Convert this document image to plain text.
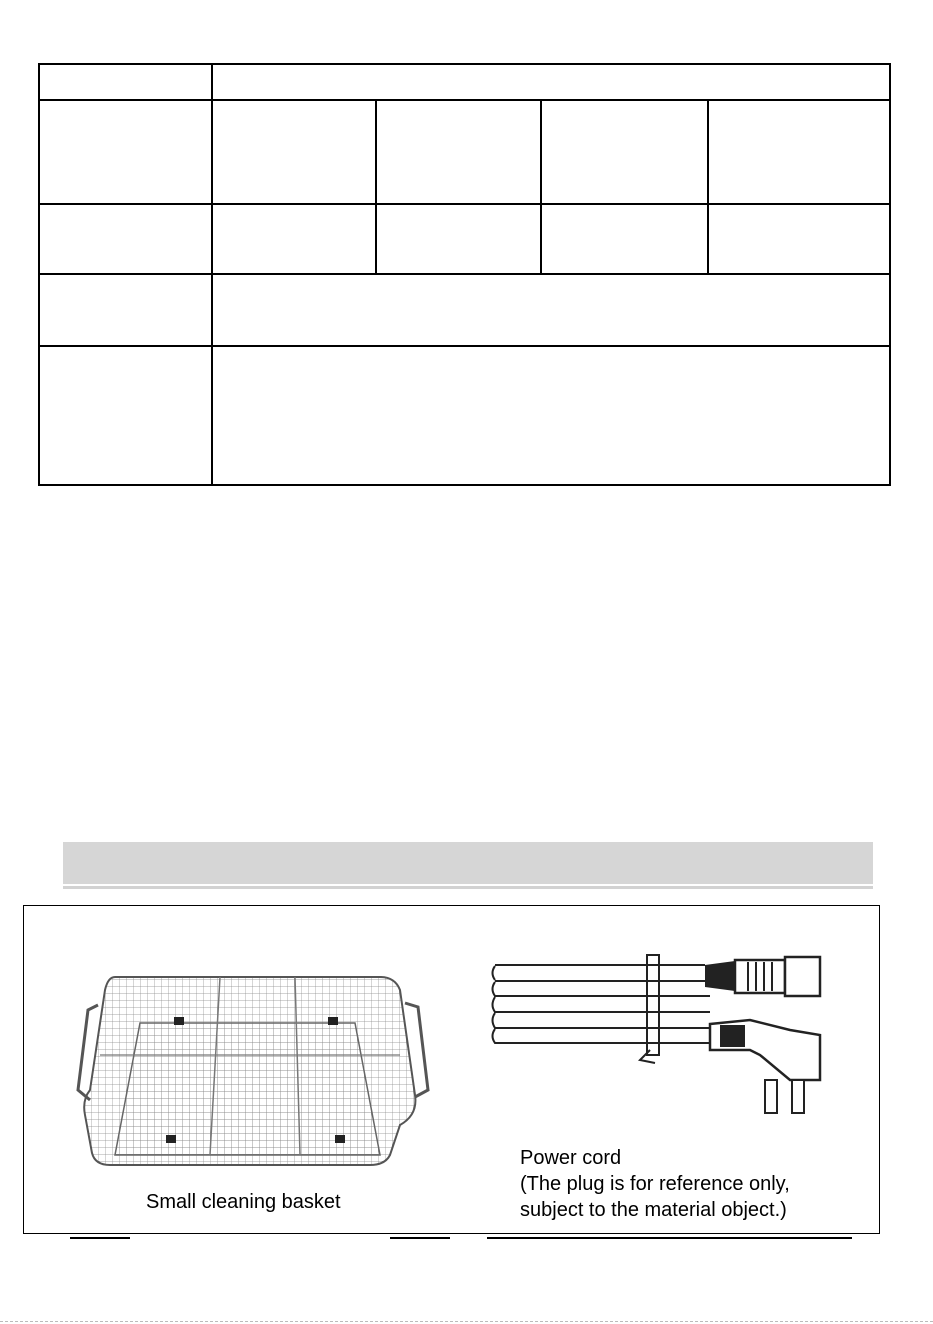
Small cleaning basket
Power cord
(The plug is for reference only,
subject to the material object.)
